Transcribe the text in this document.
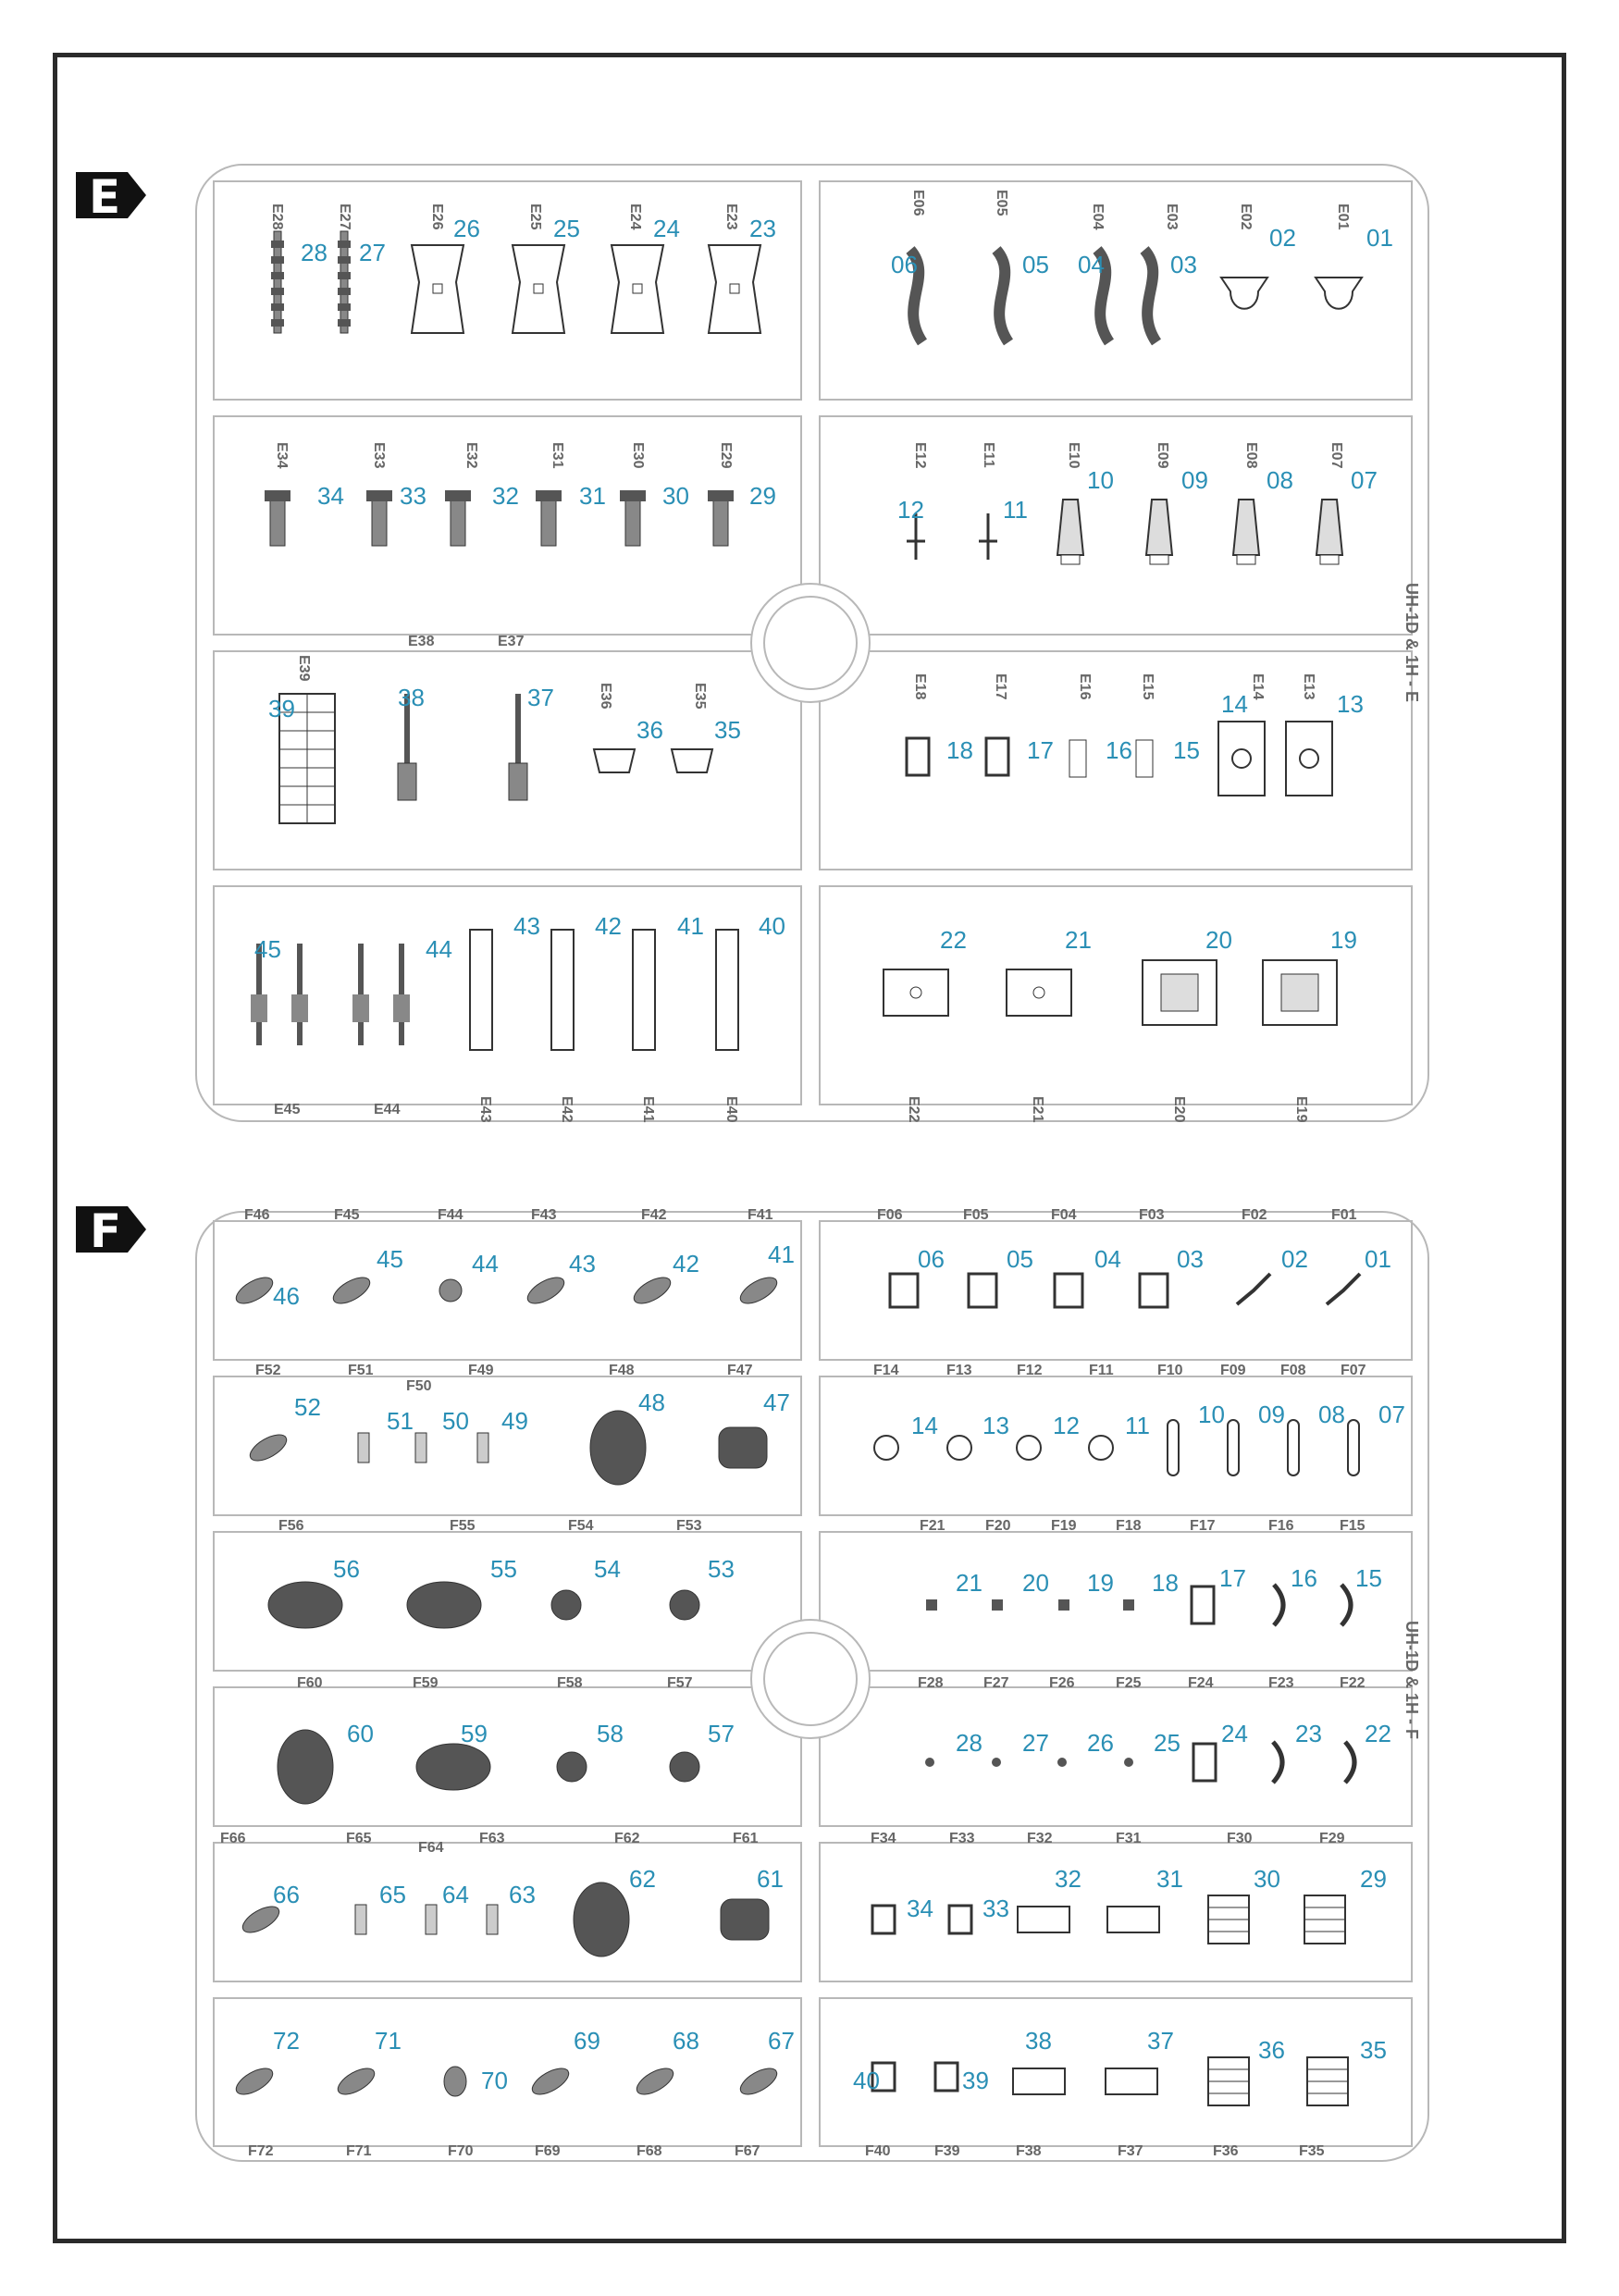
E
F
UH-1D & 1H - E
UH-1D & 1H - F
28
E28
27
E27	26
E26	25
E25	24
E24	23
E23
06
E06
05
E05
04
E04
03
E03
02
E02
01
E01
34
E34
33
E33
32
E32
31
E31
30
E30
29
E29
12
E12
11
E11
10
E10
09
E09
08
E08
07
E07
39
E39
38
E38
37
E37
36
E36
35
E35
18
E18
17
E17
16
E16
15
E15
14
E14
13
E13
45
E45
44
E44
43
E43
42
E42
41
E41
40
E40
22
E22
21
E21
20
E20
19
E19
46
F46
45
F45
44
F44
43
F43
42
F42
41
F41
06
F06
05
F05
04
F04
03
F03
02
F02
01
F01
52
F52
51
F51
50
F50
49
F49
48
F48
47
F47
14
F14
13
F13
12
F12
11
F11
10
F10
09
F09
08
F08
07
F07
56
F56
55
F55
54
F54
53
F53
21
F21
20
F20
19
F19
18
F18
17
F17
16
F16
15
F15
60
F60
59
F59
58
F58
57
F57
28
F28
27
F27
26
F26
25
F25
24
F24
23
F23
22
F22
66
F66
65
F65
64
F64
63
F63
62
F62
61
F61
34
F34
33
F33
32
F32
31
F31
30
F30
29
F29
72
F72
71
F71
70
F70
69
F69
68
F68
67
F67
40
F40
39
F39
38
F38
37
F37
36
F36
35
F35
